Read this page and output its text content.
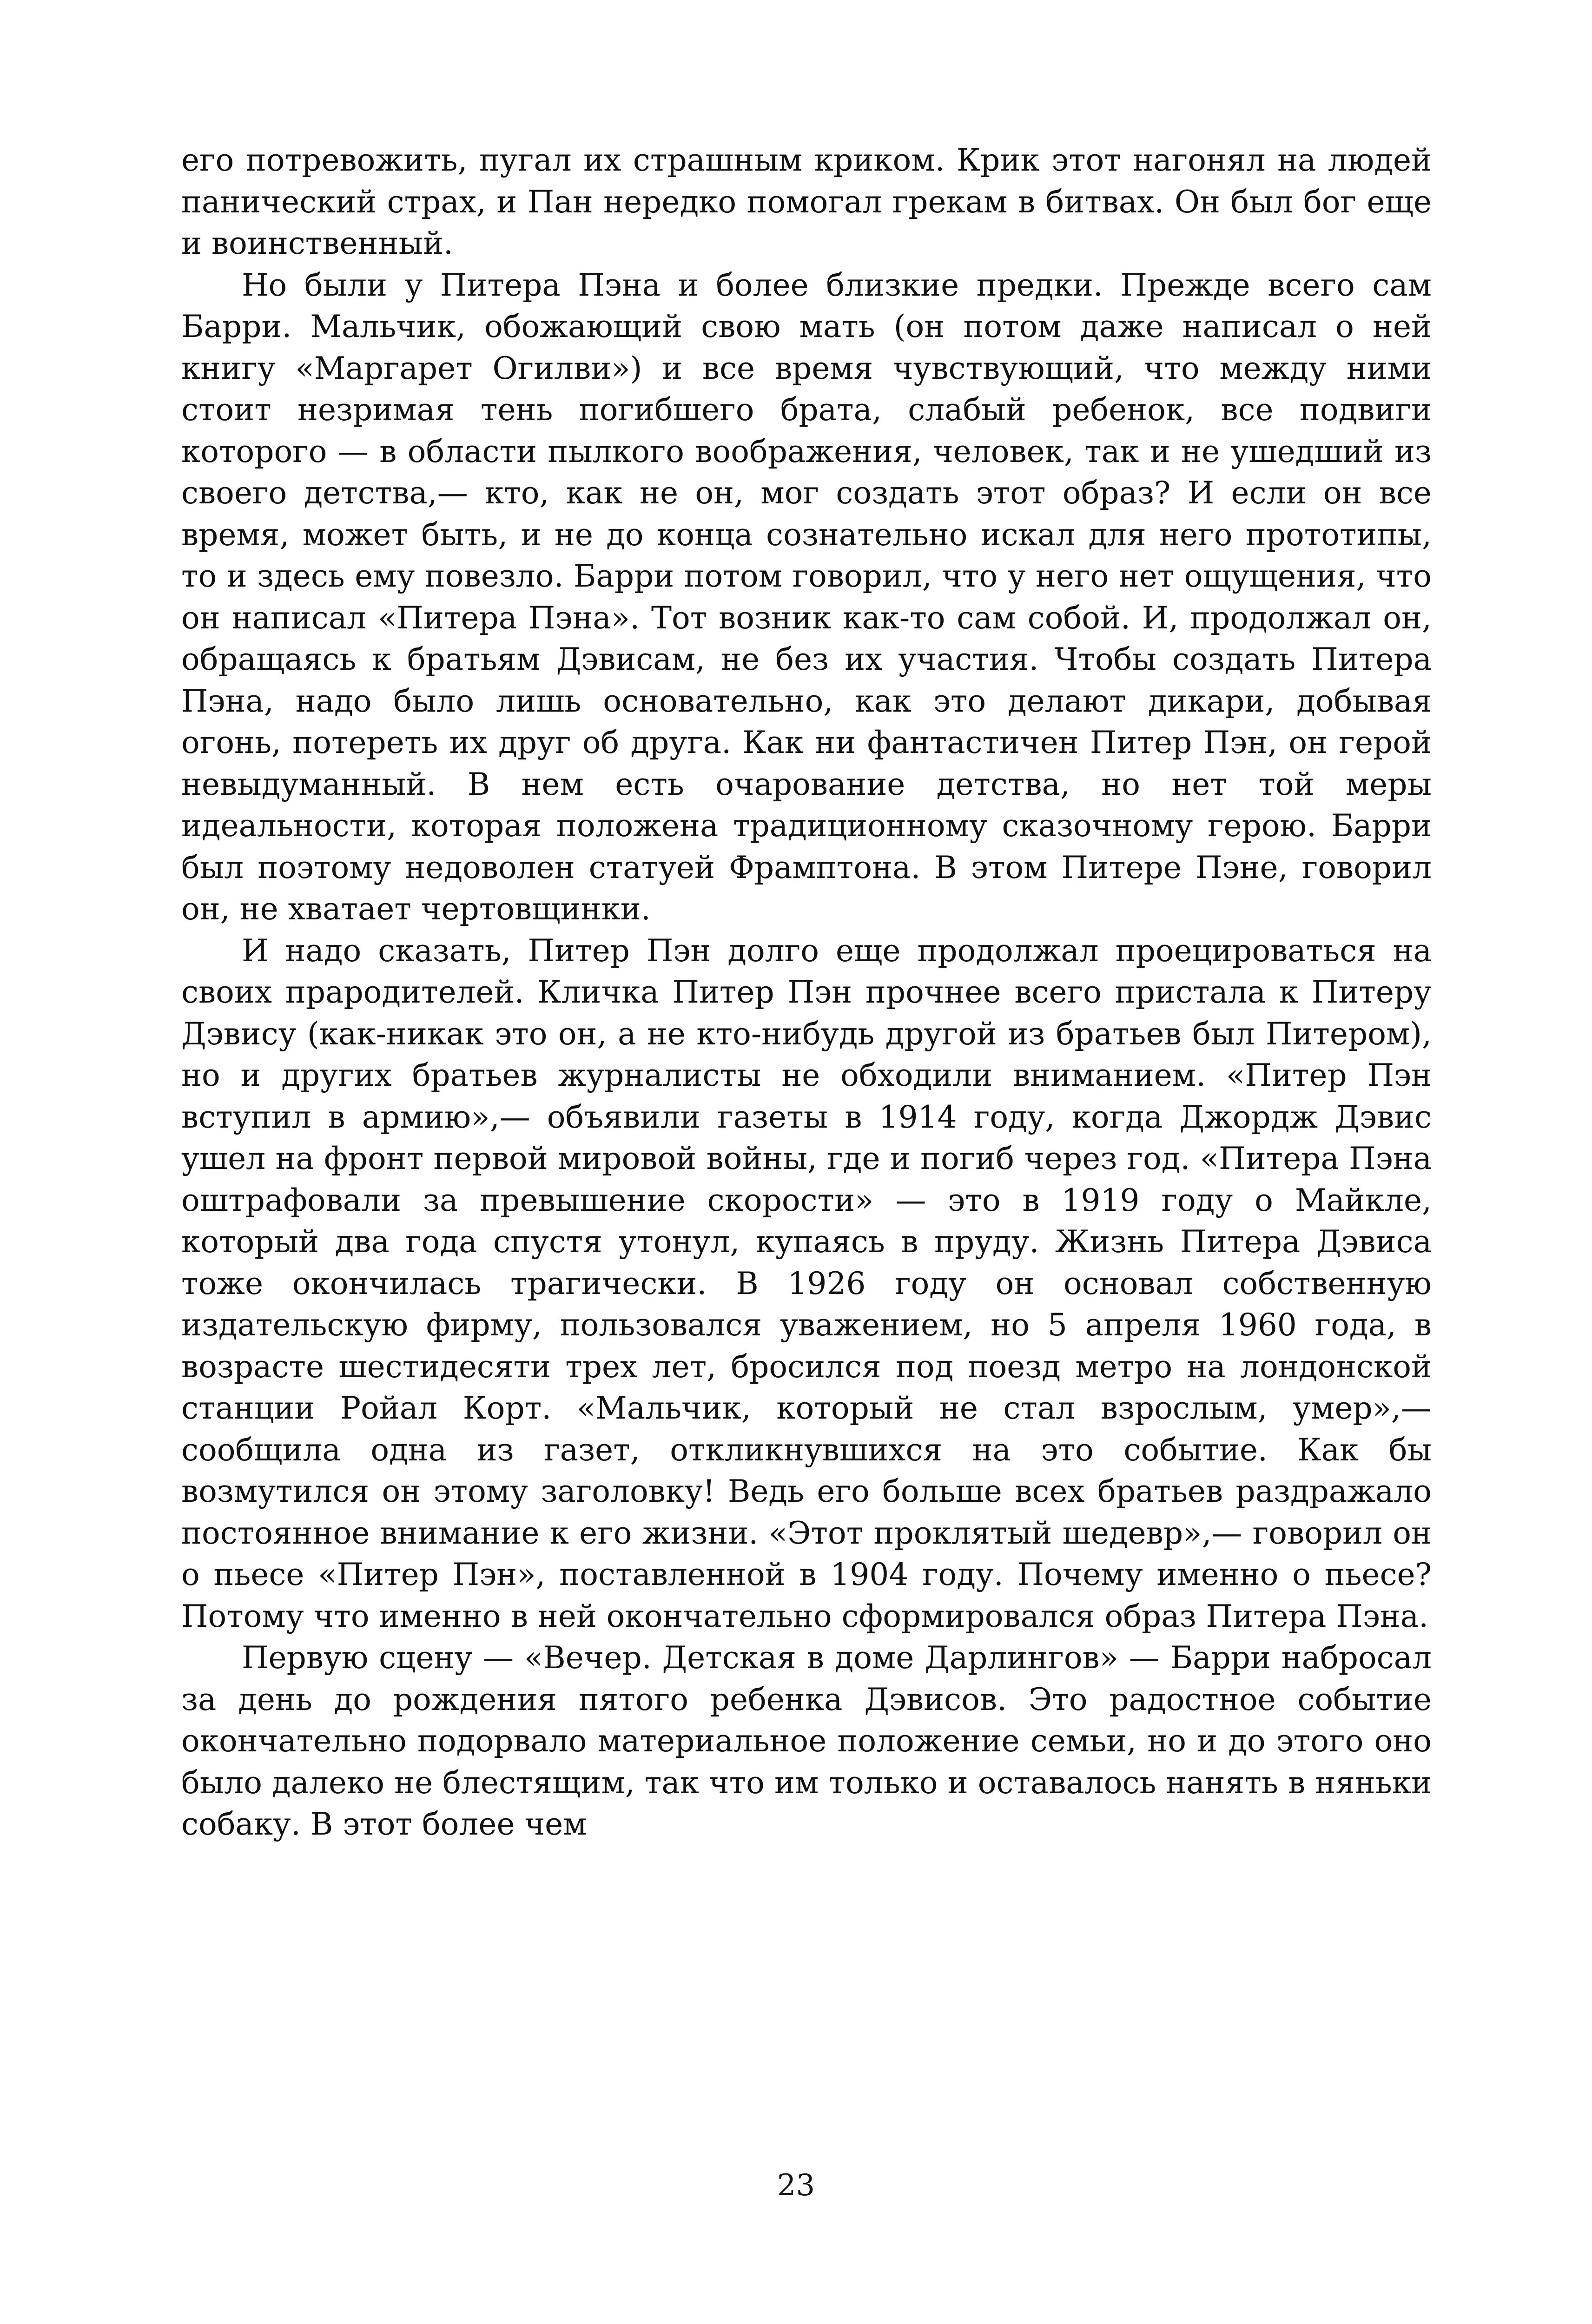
его потревожить, пугал их страшным криком. Крик этот нагонял на людей панический страх, и Пан нередко помогал грекам в битвах. Он был бог еще и воинственный.

Но были у Питера Пэна и более близкие предки. Прежде всего сам Барри. Мальчик, обожающий свою мать (он потом даже написал о ней книгу «Маргарет Огилви») и все время чувствующий, что между ними стоит незримая тень погибшего брата, слабый ребенок, все подвиги которого — в области пылкого воображения, человек, так и не ушедший из своего детства,— кто, как не он, мог создать этот образ? И если он все время, может быть, и не до конца сознательно искал для него прототипы, то и здесь ему повезло. Барри потом говорил, что у него нет ощущения, что он написал «Питера Пэна». Тот возник как-то сам собой. И, продолжал он, обращаясь к братьям Дэвисам, не без их участия. Чтобы создать Питера Пэна, надо было лишь основательно, как это делают дикари, добывая огонь, потереть их друг об друга. Как ни фантастичен Питер Пэн, он герой невыдуманный. В нем есть очарование детства, но нет той меры идеальности, которая положена традиционному сказочному герою. Барри был поэтому недоволен статуей Фрамптона. В этом Питере Пэне, говорил он, не хватает чертовщинки.

И надо сказать, Питер Пэн долго еще продолжал проецироваться на своих прародителей. Кличка Питер Пэн прочнее всего пристала к Питеру Дэвису (как-никак это он, а не кто-нибудь другой из братьев был Питером), но и других братьев журналисты не обходили вниманием. «Питер Пэн вступил в армию»,— объявили газеты в 1914 году, когда Джордж Дэвис ушел на фронт первой мировой войны, где и погиб через год. «Питера Пэна оштрафовали за превышение скорости» — это в 1919 году о Майкле, который два года спустя утонул, купаясь в пруду. Жизнь Питера Дэвиса тоже окончилась трагически. В 1926 году он основал собственную издательскую фирму, пользовался уважением, но 5 апреля 1960 года, в возрасте шестидесяти трех лет, бросился под поезд метро на лондонской станции Ройал Корт. «Мальчик, который не стал взрослым, умер»,— сообщила одна из газет, откликнувшихся на это событие. Как бы возмутился он этому заголовку! Ведь его больше всех братьев раздражало постоянное внимание к его жизни. «Этот проклятый шедевр»,— говорил он о пьесе «Питер Пэн», поставленной в 1904 году. Почему именно о пьесе? Потому что именно в ней окончательно сформировался образ Питера Пэна.

Первую сцену — «Вечер. Детская в доме Дарлингов» — Барри набросал за день до рождения пятого ребенка Дэвисов. Это радостное событие окончательно подорвало материальное положение семьи, но и до этого оно было далеко не блестящим, так что им только и оставалось нанять в няньки собаку. В этот более чем

23
